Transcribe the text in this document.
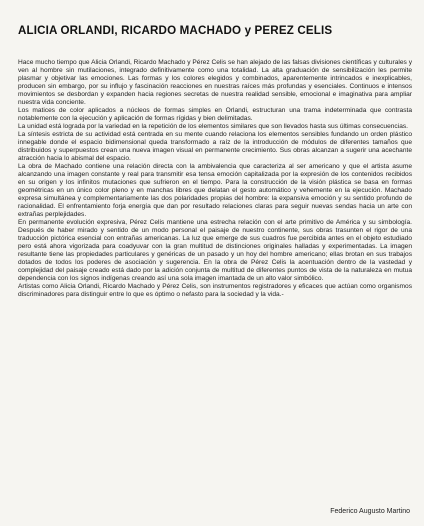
ALICIA ORLANDI, RICARDO MACHADO y PEREZ CELIS

Hace mucho tiempo que Alicia Orlandi, Ricardo Machado y Pérez Celis se han alejado de las falsas divisiones científicas y culturales y ven al hombre sin mutilaciones, integrado definitivamente como una totalidad. La alta graduación de sensibilización les permite plasmar y objetivar las emociones. Las formas y los colores elegidos y combinados, aparentemente intrincados e inexplicables, producen sin embargo, por su influjo y fascinación reacciones en nuestras raíces más profundas y esenciales. Continuos e intensos movimientos se desbordan y expanden hacia regiones secretas de nuestra realidad sensible, emocional e imaginativa para ampliar nuestra vida conciente.

Los matices de color aplicados a núcleos de formas simples en Orlandi, estructuran una trama indeterminada que contrasta notablemente con la ejecución y aplicación de formas rígidas y bien delimitadas.

La unidad está lograda por la variedad en la repetición de los elementos similares que son llevados hasta sus últimas consecuencias.

La síntesis estricta de su actividad está centrada en su mente cuando relaciona los elementos sensibles fundando un orden plástico innegable donde el espacio bidimensional queda transformado a raíz de la introducción de módulos de diferentes tamaños que distribuidos y superpuestos crean una nueva imagen visual en permanente crecimiento. Sus obras alcanzan a sugerir una acechante atracción hacia lo abismal del espacio.

La obra de Machado contiene una relación directa con la ambivalencia que caracteriza al ser americano y que el artista asume alcanzando una imagen constante y real para transmitir esa tensa emoción capitalizada por la expresión de los contenidos recibidos en su origen y los infinitos mutaciones que sufrieron en el tiempo. Para la construcción de la visión plástica se basa en formas geométricas en un único color pleno y en manchas libres que delatan el gesto automático y vehemente en la ejecución. Machado expresa simultánea y complementariamente las dos polaridades propias del hombre: la expansiva emoción y su sentido profundo de racionalidad. El enfrentamiento forja energía que dan por resultado relaciones claras para seguir nuevas sendas hacia un arte con extrañas perplejidades.

En permanente evolución expresiva, Pérez Celis mantiene una estrecha relación con el arte primitivo de América y su simbología. Después de haber mirado y sentido de un modo personal el paisaje de nuestro continente, sus obras trasunten el rigor de una traducción pictórica esencial con entrañas americanas. La luz que emerge de sus cuadros fue percibida antes en el objeto estudiado pero está ahora vigorizada para coadyuvar con la gran multitud de distinciones originales halladas y experimentadas. La imagen resultante tiene las propiedades particulares y genéricas de un pasado y un hoy del hombre americano; ellas brotan en sus trabajos dotados de todos los poderes de asociación y sugerencia. En la obra de Pérez Celis la acentuación dentro de la vastedad y complejidad del paisaje creado está dado por la adición conjunta de multitud de diferentes puntos de vista de la naturaleza en mutua dependencia con los signos indígenas creando así una sola imagen imantada de un alto valor simbólico.

Artistas como Alicia Orlandi, Ricardo Machado y Pérez Celis, son instrumentos registradores y eficaces que actúan como organismos discriminadores para distinguir entre lo que es óptimo o nefasto para la sociedad y la vida.-

Federico Augusto Martino
